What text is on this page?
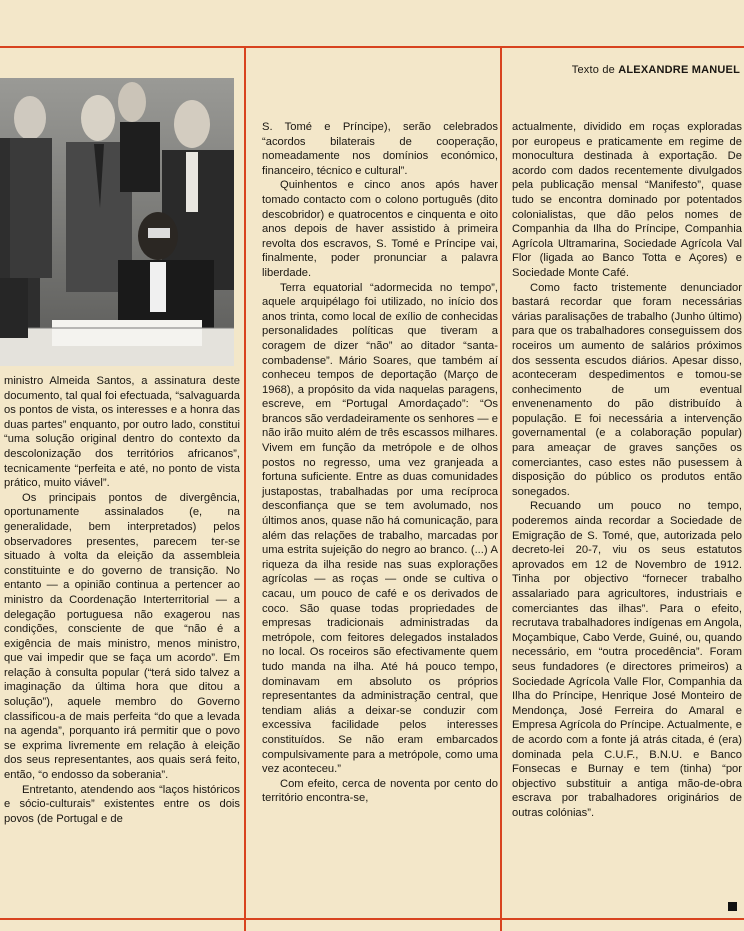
Texto de ALEXANDRE MANUEL

ministro Almeida Santos, a assinatura deste documento, tal qual foi efectuada, “salvaguarda os pontos de vista, os interesses e a honra das duas partes” enquanto, por outro lado, constitui “uma solução original dentro do contexto da descolonização dos territórios africanos”, tecnicamente “perfeita e até, no ponto de vista prático, muito viável”.

Os principais pontos de divergência, oportunamente assinalados (e, na generalidade, bem interpretados) pelos observadores presentes, parecem ter-se situado à volta da eleição da assembleia constituinte e do governo de transição. No entanto — a opinião continua a pertencer ao ministro da Coordenação Interterritorial — a delegação portuguesa não exagerou nas condições, consciente de que “não é a exigência de mais ministro, menos ministro, que vai impedir que se faça um acordo”. Em relação à consulta popular (“terá sido talvez a imaginação da última hora que ditou a solução”), aquele membro do Governo classificou-a de mais perfeita “do que a levada na agenda”, porquanto irá permitir que o povo se exprima livremente em relação à eleição dos seus representantes, aos quais será feito, então, “o endosso da soberania”.

Entretanto, atendendo aos “laços históricos e sócio-culturais” existentes entre os dois povos (de Portugal e de

S. Tomé e Príncipe), serão celebrados “acordos bilaterais de cooperação, nomeadamente nos domínios económico, financeiro, técnico e cultural”.

Quinhentos e cinco anos após haver tomado contacto com o colono português (dito descobridor) e quatrocentos e cinquenta e oito anos depois de haver assistido à primeira revolta dos escravos, S. Tomé e Príncipe vai, finalmente, poder pronunciar a palavra liberdade.

Terra equatorial “adormecida no tempo”, aquele arquipélago foi utilizado, no início dos anos trinta, como local de exílio de conhecidas personalidades políticas que tiveram a coragem de dizer “não” ao ditador “santa-combadense”. Mário Soares, que também aí conheceu tempos de deportação (Março de 1968), a propósito da vida naquelas paragens, escreve, em “Portugal Amordaçado”: “Os brancos são verdadeiramente os senhores — e não irão muito além de três escassos milhares. Vivem em função da metrópole e de olhos postos no regresso, uma vez granjeada a fortuna suficiente. Entre as duas comunidades justapostas, trabalhadas por uma recíproca desconfiança que se tem avolumado, nos últimos anos, quase não há comunicação, para além das relações de trabalho, marcadas por uma estrita sujeição do negro ao branco. (...) A riqueza da ilha reside nas suas explorações agrícolas — as roças — onde se cultiva o cacau, um pouco de café e os derivados de coco. São quase todas propriedades de empresas tradicionais administradas da metrópole, com feitores delegados instalados no local. Os roceiros são efectivamente quem tudo manda na ilha. Até há pouco tempo, dominavam em absoluto os próprios representantes da administração central, que tendiam aliás a deixar-se conduzir com excessiva facilidade pelos interesses constituídos. Se não eram embarcados compulsivamente para a metrópole, como uma vez aconteceu.”

Com efeito, cerca de noventa por cento do território encontra-se,

actualmente, dividido em roças exploradas por europeus e praticamente em regime de monocultura destinada à exportação. De acordo com dados recentemente divulgados pela publicação mensal “Manifesto”, quase tudo se encontra dominado por potentados colonialistas, que dão pelos nomes de Companhia da Ilha do Príncipe, Companhia Agrícola Ultramarina, Sociedade Agrícola Val Flor (ligada ao Banco Totta e Açores) e Sociedade Monte Café.

Como facto tristemente denunciador bastará recordar que foram necessárias várias paralisações de trabalho (Junho último) para que os trabalhadores conseguissem dos roceiros um aumento de salários próximos dos sessenta escudos diários. Apesar disso, aconteceram despedimentos e tomou-se conhecimento de um eventual envenenamento do pão distribuído à população. E foi necessária a intervenção governamental (e a colaboração popular) para ameaçar de graves sanções os comerciantes, caso estes não pusessem à disposição do público os produtos então sonegados.

Recuando um pouco no tempo, poderemos ainda recordar a Sociedade de Emigração de S. Tomé, que, autorizada pelo decreto-lei 20-7, viu os seus estatutos aprovados em 12 de Novembro de 1912. Tinha por objectivo “fornecer trabalho assalariado para agricultores, industriais e comerciantes das ilhas”. Para o efeito, recrutava trabalhadores indígenas em Angola, Moçambique, Cabo Verde, Guiné, ou, quando necessário, em “outra procedência”. Foram seus fundadores (e directores primeiros) a Sociedade Agrícola Valle Flor, Companhia da Ilha do Príncipe, Henrique José Monteiro de Mendonça, José Ferreira do Amaral e Empresa Agrícola do Príncipe. Actualmente, e de acordo com a fonte já atrás citada, é (era) dominada pela C.U.F., B.N.U. e Banco Fonsecas e Burnay e tem (tinha) “por objectivo substituir a antiga mão-de-obra escrava por trabalhadores originários de outras colónias”.
